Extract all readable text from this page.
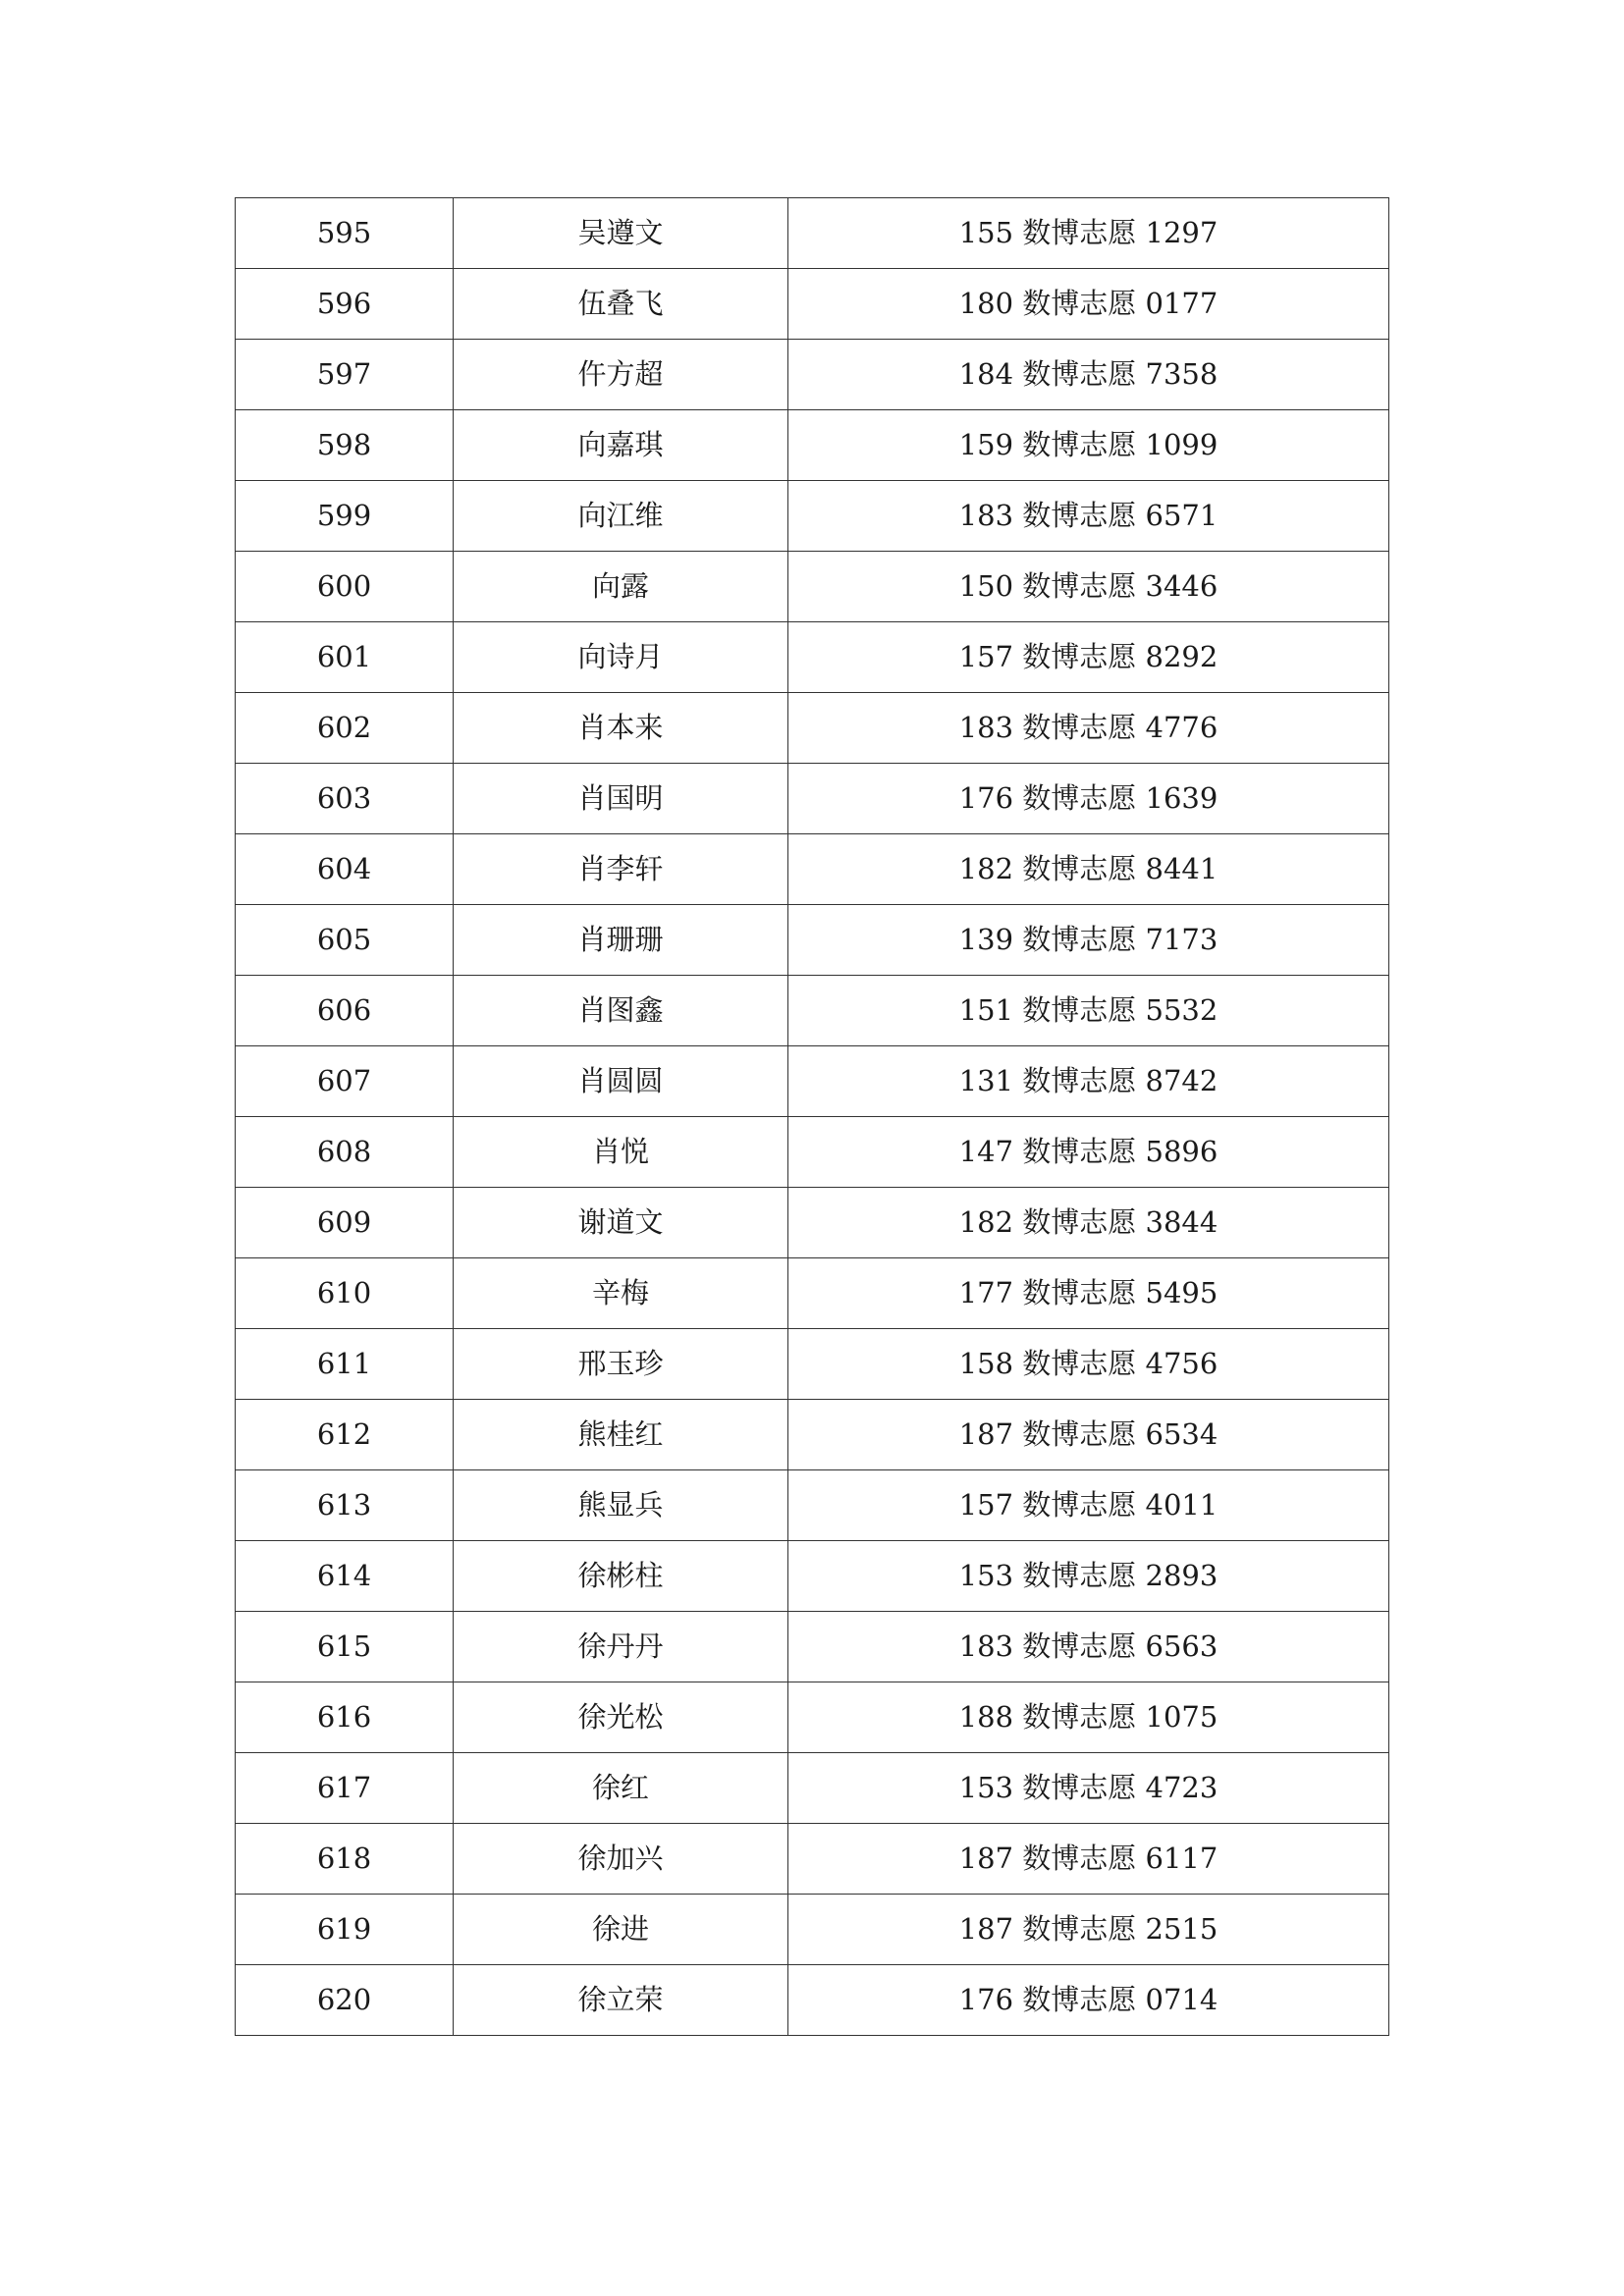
595	吴遵文	155 数博志愿 1297
596	伍叠飞	180 数博志愿 0177
597	仵方超	184 数博志愿 7358
598	向嘉琪	159 数博志愿 1099
599	向江维	183 数博志愿 6571
600	向露	150 数博志愿 3446
601	向诗月	157 数博志愿 8292
602	肖本来	183 数博志愿 4776
603	肖国明	176 数博志愿 1639
604	肖李轩	182 数博志愿 8441
605	肖珊珊	139 数博志愿 7173
606	肖图鑫	151 数博志愿 5532
607	肖圆圆	131 数博志愿 8742
608	肖悦	147 数博志愿 5896
609	谢道文	182 数博志愿 3844
610	辛梅	177 数博志愿 5495
611	邢玉珍	158 数博志愿 4756
612	熊桂红	187 数博志愿 6534
613	熊显兵	157 数博志愿 4011
614	徐彬柱	153 数博志愿 2893
615	徐丹丹	183 数博志愿 6563
616	徐光松	188 数博志愿 1075
617	徐红	153 数博志愿 4723
618	徐加兴	187 数博志愿 6117
619	徐进	187 数博志愿 2515
620	徐立荣	176 数博志愿 0714
